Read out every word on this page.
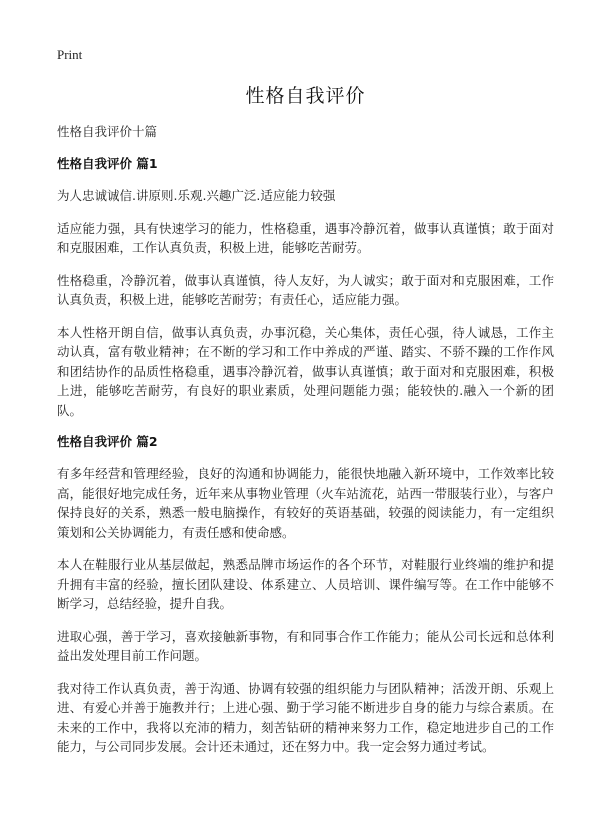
Print
性格自我评价
性格自我评价十篇
性格自我评价 篇1

为人忠诚诚信.讲原则.乐观.兴趣广泛.适应能力较强

适应能力强，具有快速学习的能力，性格稳重，遇事冷静沉着，做事认真谨慎；敢于面对和克服困难，工作认真负责，积极上进，能够吃苦耐劳。

性格稳重，冷静沉着，做事认真谨慎，待人友好，为人诚实；敢于面对和克服困难，工作认真负责，积极上进，能够吃苦耐劳；有责任心，适应能力强。

本人性格开朗自信，做事认真负责，办事沉稳，关心集体，责任心强，待人诚恳，工作主动认真，富有敬业精神；在不断的学习和工作中养成的严谨、踏实、不骄不躁的工作作风和团结协作的品质性格稳重，遇事冷静沉着，做事认真谨慎；敢于面对和克服困难，积极上进，能够吃苦耐劳，有良好的职业素质，处理问题能力强；能较快的.融入一个新的团队。

性格自我评价 篇2

有多年经营和管理经验，良好的沟通和协调能力，能很快地融入新环境中，工作效率比较高，能很好地完成任务，近年来从事物业管理（火车站流花，站西一带服装行业），与客户保持良好的关系，熟悉一般电脑操作，有较好的英语基础，较强的阅读能力，有一定组织策划和公关协调能力，有责任感和使命感。

本人在鞋服行业从基层做起，熟悉品牌市场运作的各个环节，对鞋服行业终端的维护和提升拥有丰富的经验，擅长团队建设、体系建立、人员培训、课件编写等。在工作中能够不断学习，总结经验，提升自我。

进取心强，善于学习，喜欢接触新事物，有和同事合作工作能力；能从公司长远和总体利益出发处理目前工作问题。

我对待工作认真负责，善于沟通、协调有较强的组织能力与团队精神；活泼开朗、乐观上进、有爱心并善于施教并行；上进心强、勤于学习能不断进步自身的能力与综合素质。在未来的工作中，我将以充沛的精力，刻苦钻研的精神来努力工作，稳定地进步自己的工作能力，与公司同步发展。会计还未通过，还在努力中。我一定会努力通过考试。
